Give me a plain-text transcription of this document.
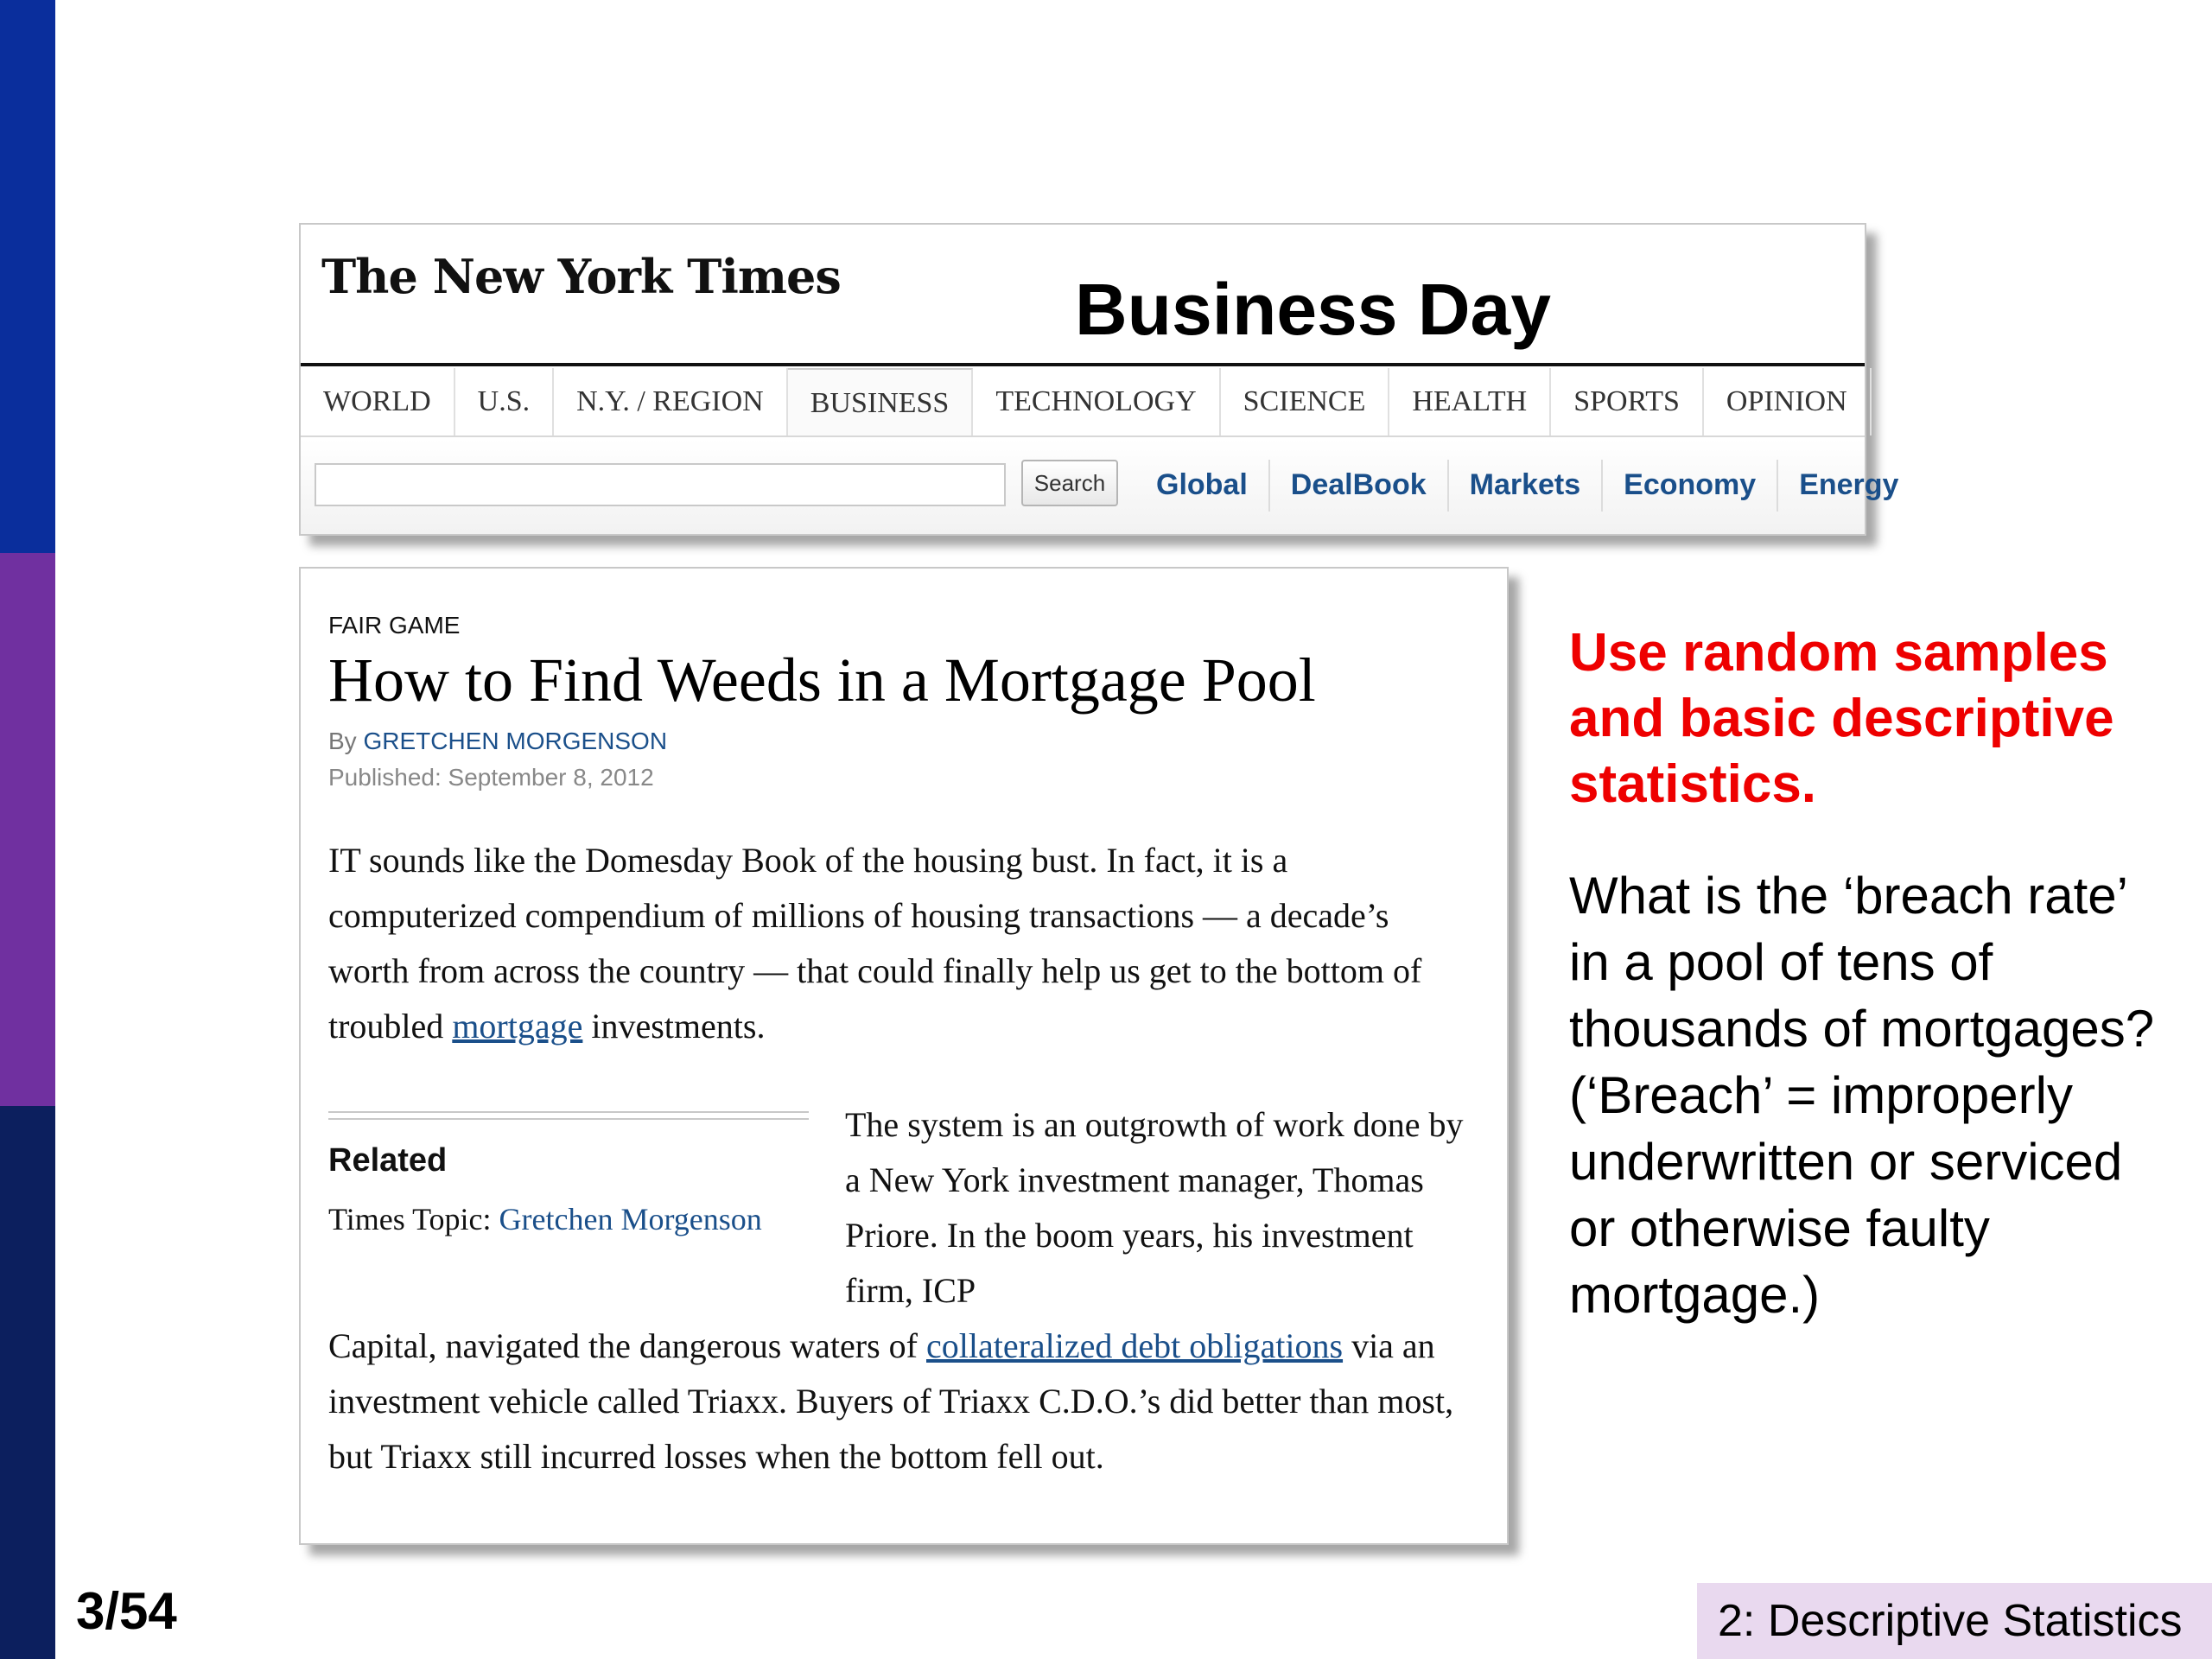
The New York Times	Business Day
WORLD	U.S.	N.Y. / REGION	BUSINESS	TECHNOLOGY	SCIENCE	HEALTH	SPORTS	OPINION
Search	Global	DealBook	Markets	Economy	Energy
FAIR GAME
How to Find Weeds in a Mortgage Pool
By GRETCHEN MORGENSON
Published: September 8, 2012
IT sounds like the Domesday Book of the housing bust. In fact, it is a computerized compendium of millions of housing transactions — a decade’s worth from across the country — that could finally help us get to the bottom of troubled mortgage investments.
Related
Times Topic: Gretchen Morgenson
The system is an outgrowth of work done by a New York investment manager, Thomas Priore. In the boom years, his investment firm, ICP
Capital, navigated the dangerous waters of collateralized debt obligations via an investment vehicle called Triaxx. Buyers of Triaxx C.D.O.’s did better than most, but Triaxx still incurred losses when the bottom fell out.
Use random samples and basic descriptive statistics.
What is the ‘breach rate’ in a pool of tens of thousands of mortgages? (‘Breach’ = improperly underwritten or serviced or otherwise faulty mortgage.)
3/54	2: Descriptive Statistics
